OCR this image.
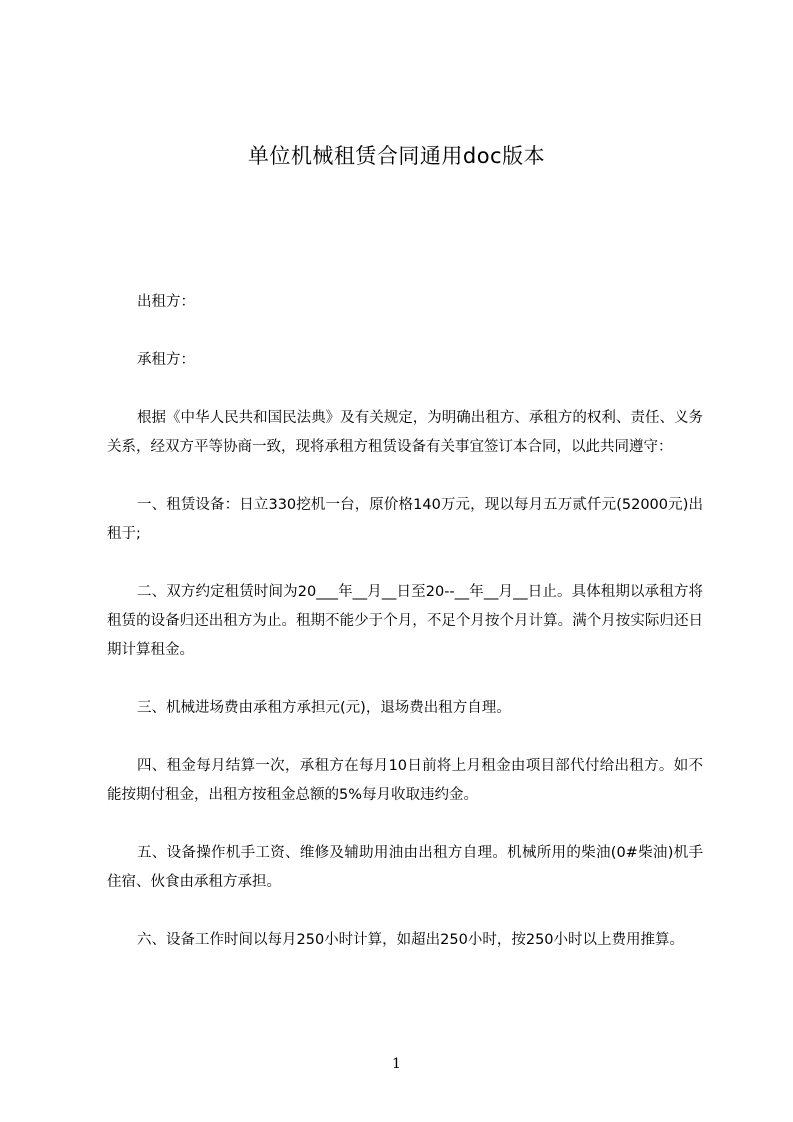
单位机械租赁合同通用doc版本

出租方：

承租方：

根据《中华人民共和国民法典》及有关规定，为明确出租方、承租方的权利、责任、义务关系，经双方平等协商一致，现将承租方租赁设备有关事宜签订本合同，以此共同遵守：

一、租赁设备：日立330挖机一台，原价格140万元，现以每月五万贰仟元(52000元)出租于;

二、双方约定租赁时间为20___年__月__日至20--__年__月__日止。具体租期以承租方将租赁的设备归还出租方为止。租期不能少于个月，不足个月按个月计算。满个月按实际归还日期计算租金。

三、机械进场费由承租方承担元(元)，退场费出租方自理。

四、租金每月结算一次，承租方在每月10日前将上月租金由项目部代付给出租方。如不能按期付租金，出租方按租金总额的5%每月收取违约金。

五、设备操作机手工资、维修及辅助用油由出租方自理。机械所用的柴油(0#柴油)机手住宿、伙食由承租方承担。

六、设备工作时间以每月250小时计算，如超出250小时，按250小时以上费用推算。

1
